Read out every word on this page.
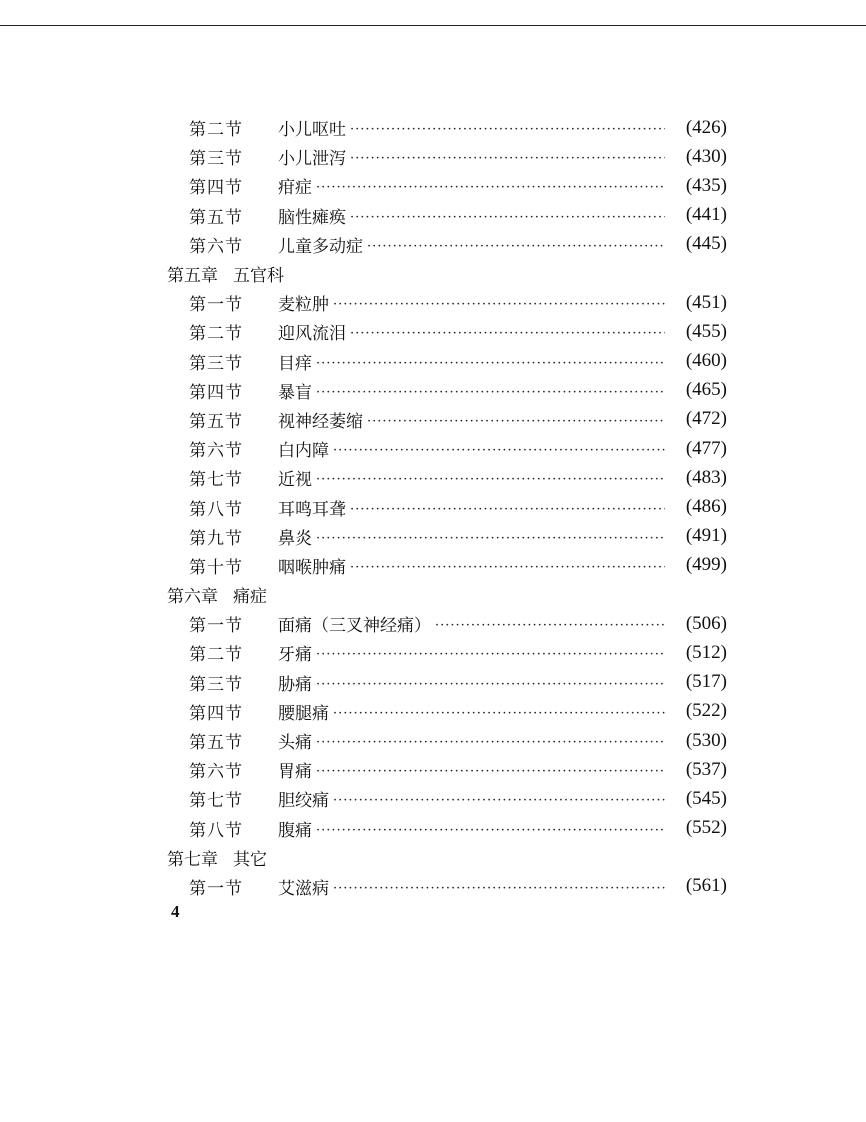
第二节	小儿呕吐 ·····	(426)
第三节	小儿泄泻 ·····	(430)
第四节	疳症 ·····	(435)
第五节	脑性瘫痪 ·····	(441)
第六节	儿童多动症 ·····	(445)
第五章 五官科
第一节	麦粒肿 ·····	(451)
第二节	迎风流泪 ·····	(455)
第三节	目痒 ·····	(460)
第四节	暴盲 ·····	(465)
第五节	视神经萎缩 ·····	(472)
第六节	白内障 ·····	(477)
第七节	近视 ·····	(483)
第八节	耳鸣耳聋 ·····	(486)
第九节	鼻炎 ·····	(491)
第十节	咽喉肿痛 ·····	(499)
第六章 痛症
第一节	面痛（三叉神经痛） ·····	(506)
第二节	牙痛 ·····	(512)
第三节	胁痛 ·····	(517)
第四节	腰腿痛 ·····	(522)
第五节	头痛 ·····	(530)
第六节	胃痛 ·····	(537)
第七节	胆绞痛 ·····	(545)
第八节	腹痛 ·····	(552)
第七章 其它
第一节	艾滋病 ·····	(561)
4
